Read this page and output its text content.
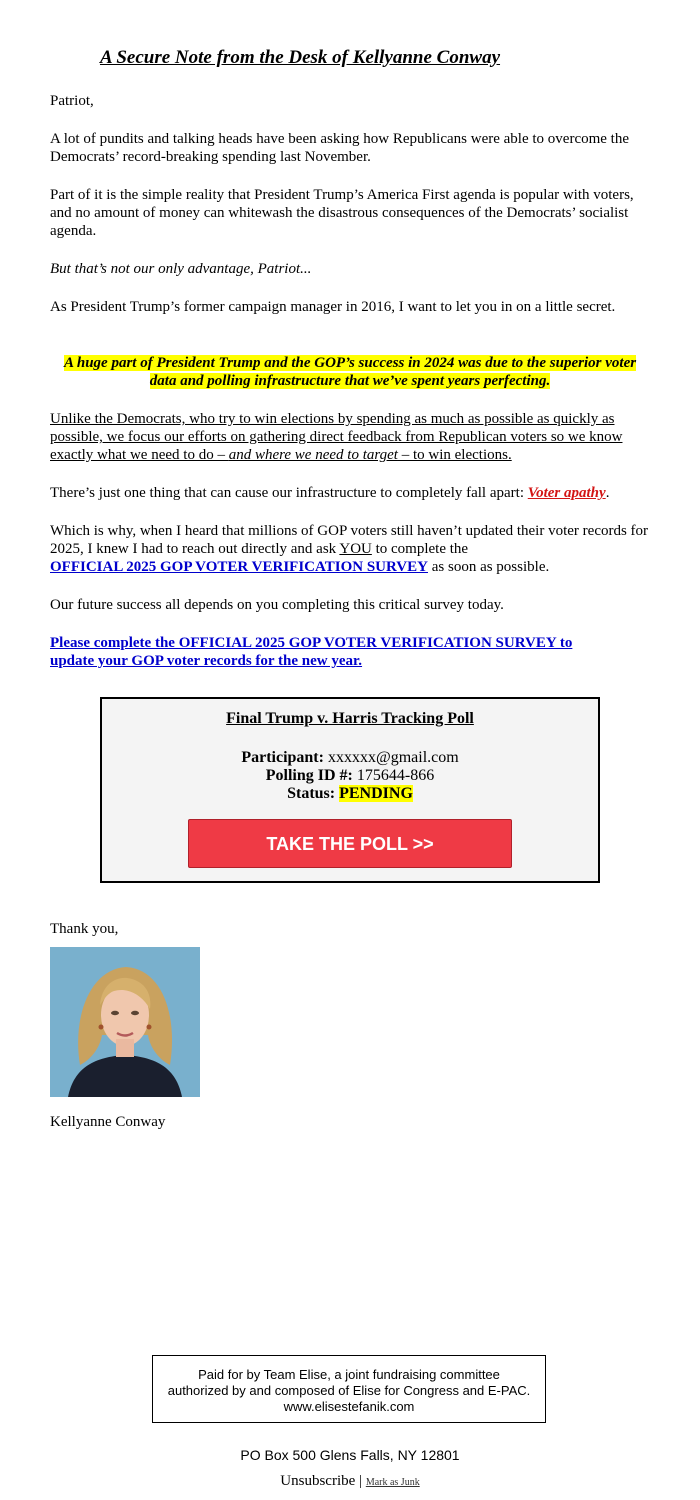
A Secure Note from the Desk of Kellyanne Conway

Patriot,

A lot of pundits and talking heads have been asking how Republicans were able to overcome the Democrats’ record-breaking spending last November.

Part of it is the simple reality that President Trump’s America First agenda is popular with voters, and no amount of money can whitewash the disastrous consequences of the Democrats’ socialist agenda.

But that’s not our only advantage, Patriot...

As President Trump’s former campaign manager in 2016, I want to let you in on a little secret.

A huge part of President Trump and the GOP’s success in 2024 was due to the superior voter data and polling infrastructure that we’ve spent years perfecting.

Unlike the Democrats, who try to win elections by spending as much as possible as quickly as possible, we focus our efforts on gathering direct feedback from Republican voters so we know exactly what we need to do – and where we need to target – to win elections.

There’s just one thing that can cause our infrastructure to completely fall apart: Voter apathy.

Which is why, when I heard that millions of GOP voters still haven’t updated their voter records for 2025, I knew I had to reach out directly and ask YOU to complete the
OFFICIAL 2025 GOP VOTER VERIFICATION SURVEY as soon as possible.

Our future success all depends on you completing this critical survey today.

Please complete the OFFICIAL 2025 GOP VOTER VERIFICATION SURVEY to update your GOP voter records for the new year.

Final Trump v. Harris Tracking Poll
Participant: xxxxxx@gmail.com
Polling ID #: 175644-866
Status: PENDING
TAKE THE POLL >>

Thank you,

Kellyanne Conway

Paid for by Team Elise, a joint fundraising committee authorized by and composed of Elise for Congress and E-PAC. www.elisestefanik.com
PO Box 500 Glens Falls, NY 12801
Unsubscribe | Mark as Junk
